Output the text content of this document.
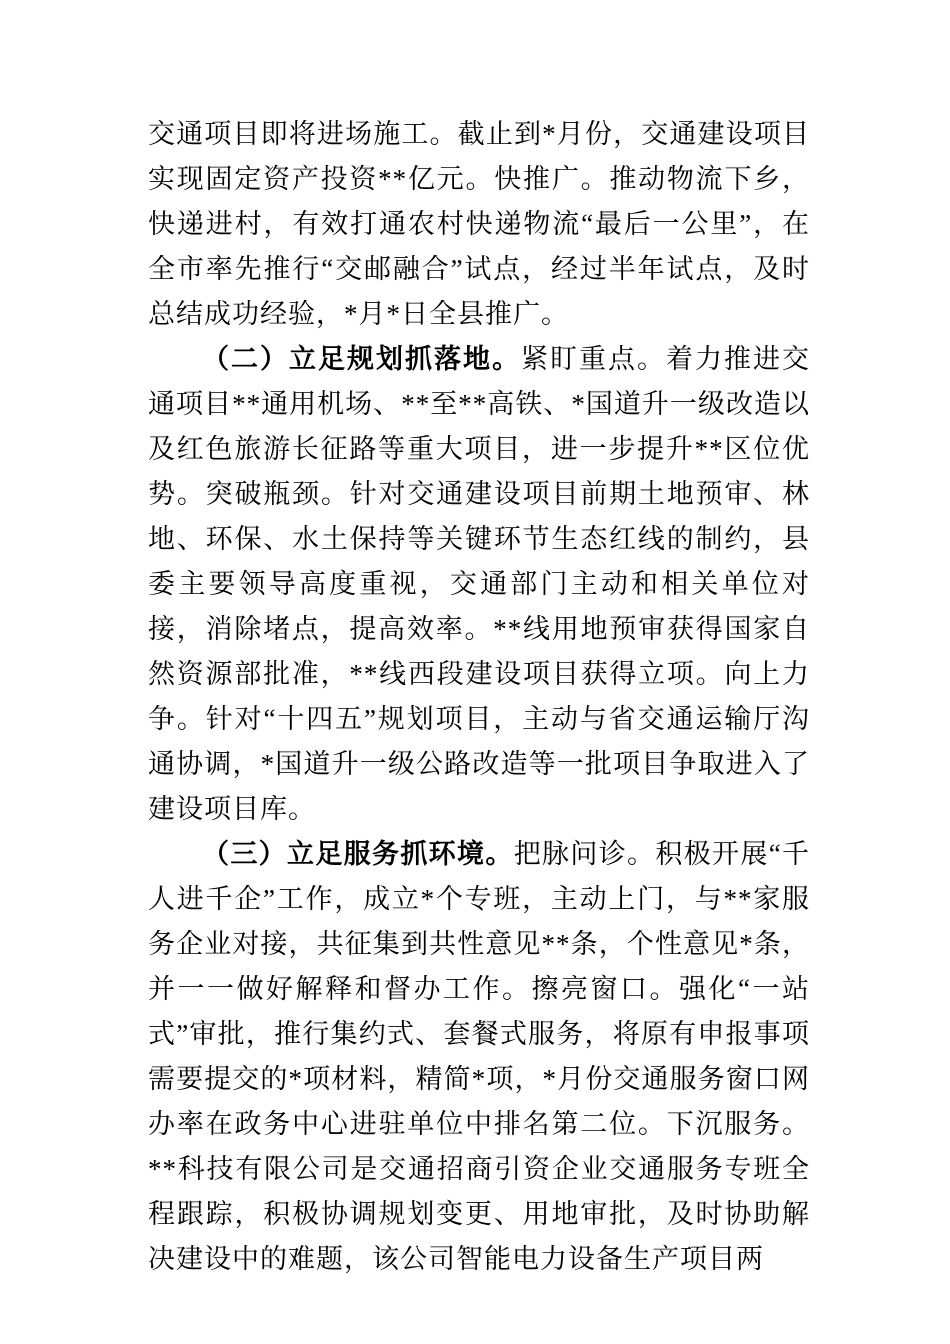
交通项目即将进场施工。截止到*月份，交通建设项目实现固定资产投资**亿元。快推广。推动物流下乡，快递进村，有效打通农村快递物流“最后一公里”，在全市率先推行“交邮融合”试点，经过半年试点，及时总结成功经验，*月*日全县推广。

（二）立足规划抓落地。紧盯重点。着力推进交通项目**通用机场、**至**高铁、*国道升一级改造以及红色旅游长征路等重大项目，进一步提升**区位优势。突破瓶颈。针对交通建设项目前期土地预审、林地、环保、水土保持等关键环节生态红线的制约，县委主要领导高度重视，交通部门主动和相关单位对接，消除堵点，提高效率。**线用地预审获得国家自然资源部批准，**线西段建设项目获得立项。向上力争。针对“十四五”规划项目，主动与省交通运输厅沟通协调，*国道升一级公路改造等一批项目争取进入了建设项目库。

（三）立足服务抓环境。把脉问诊。积极开展“千人进千企”工作，成立*个专班，主动上门，与**家服务企业对接，共征集到共性意见**条，个性意见*条，并一一做好解释和督办工作。擦亮窗口。强化“一站式”审批，推行集约式、套餐式服务，将原有申报事项需要提交的*项材料，精简*项，*月份交通服务窗口网办率在政务中心进驻单位中排名第二位。下沉服务。**科技有限公司是交通招商引资企业交通服务专班全程跟踪，积极协调规划变更、用地审批，及时协助解决建设中的难题，该公司智能电力设备生产项目两
